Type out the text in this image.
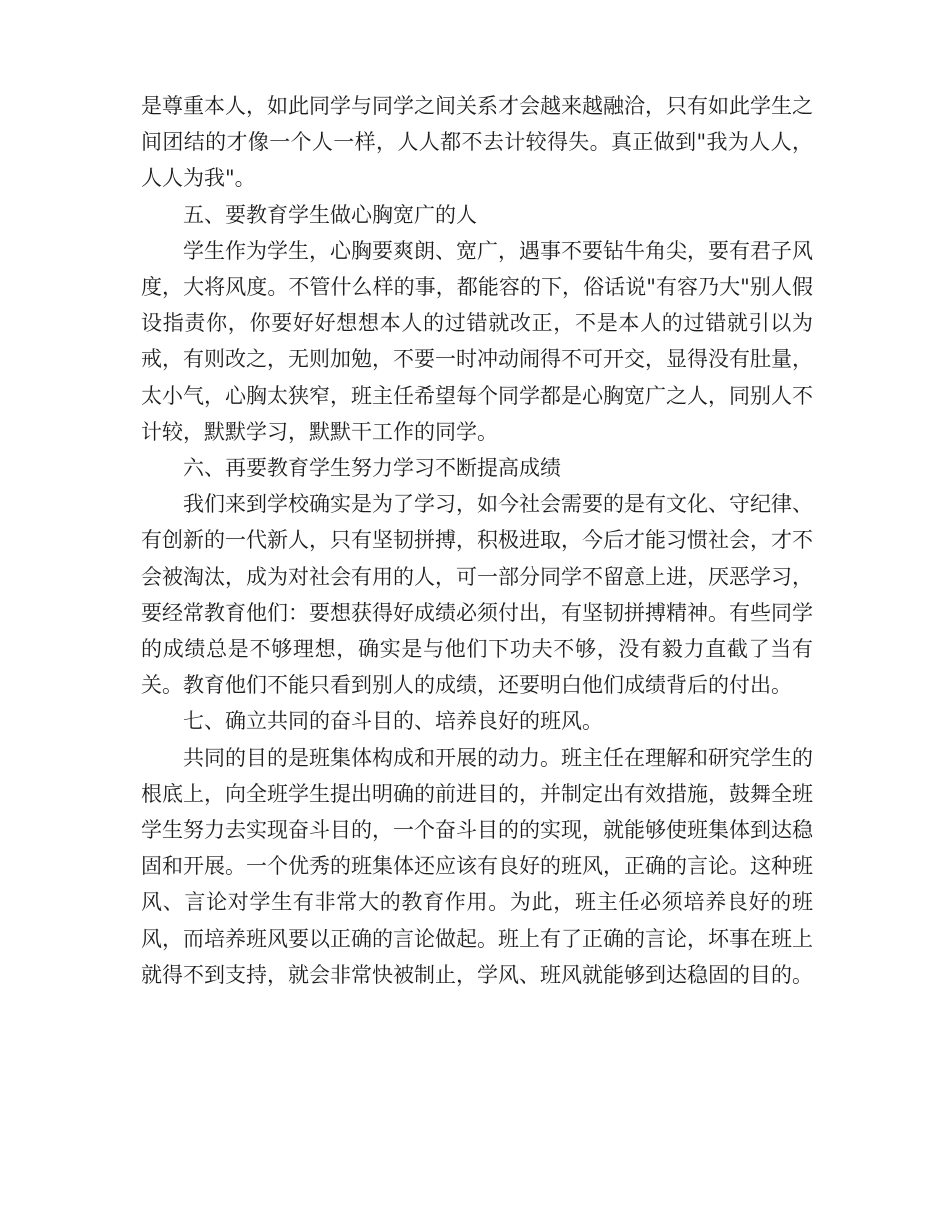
是尊重本人，如此同学与同学之间关系才会越来越融洽，只有如此学生之间团结的才像一个人一样，人人都不去计较得失。真正做到"我为人人，人人为我"。

五、要教育学生做心胸宽广的人

学生作为学生，心胸要爽朗、宽广，遇事不要钻牛角尖，要有君子风度，大将风度。不管什么样的事，都能容的下，俗话说"有容乃大"别人假设指责你，你要好好想想本人的过错就改正，不是本人的过错就引以为戒，有则改之，无则加勉，不要一时冲动闹得不可开交，显得没有肚量，太小气，心胸太狭窄，班主任希望每个同学都是心胸宽广之人，同别人不计较，默默学习，默默干工作的同学。

六、再要教育学生努力学习不断提高成绩

我们来到学校确实是为了学习，如今社会需要的是有文化、守纪律、有创新的一代新人，只有坚韧拼搏，积极进取，今后才能习惯社会，才不会被淘汰，成为对社会有用的人，可一部分同学不留意上进，厌恶学习，要经常教育他们：要想获得好成绩必须付出，有坚韧拼搏精神。有些同学的成绩总是不够理想，确实是与他们下功夫不够，没有毅力直截了当有关。教育他们不能只看到别人的成绩，还要明白他们成绩背后的付出。

七、确立共同的奋斗目的、培养良好的班风。

共同的目的是班集体构成和开展的动力。班主任在理解和研究学生的根底上，向全班学生提出明确的前进目的，并制定出有效措施，鼓舞全班学生努力去实现奋斗目的，一个奋斗目的的实现，就能够使班集体到达稳固和开展。一个优秀的班集体还应该有良好的班风，正确的言论。这种班风、言论对学生有非常大的教育作用。为此，班主任必须培养良好的班风，而培养班风要以正确的言论做起。班上有了正确的言论，坏事在班上就得不到支持，就会非常快被制止，学风、班风就能够到达稳固的目的。
